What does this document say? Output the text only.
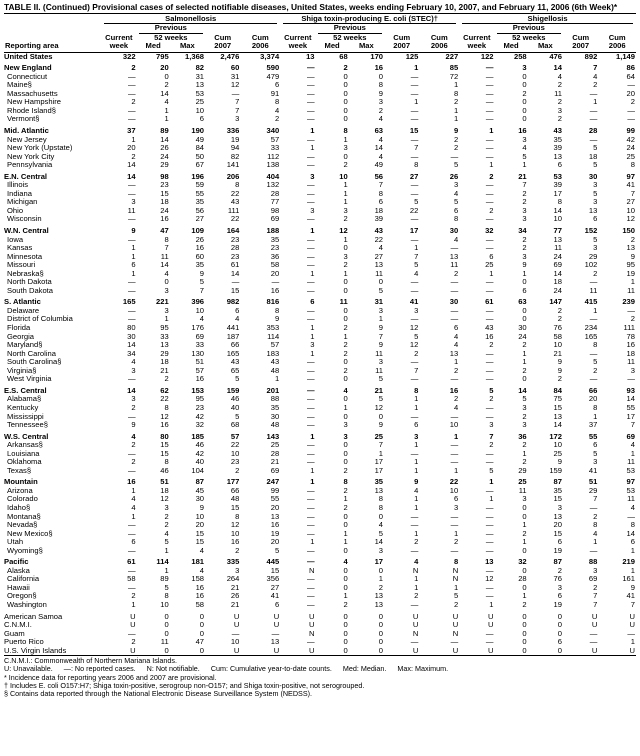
TABLE II. (Continued) Provisional cases of selected notifiable diseases, United States, weeks ending February 10, 2007, and February 11, 2006 (6th Week)*

	Salmonellosis					Shiga toxin-producing E. coli (STEC)†					Shigellosis				

		Previous					Previous					Previous			

	Current	52 weeks		Cum	Cum	Current	52 weeks		Cum	Cum	Current	52 weeks		Cum	Cum
Reporting area	week	Med	Max	2007	2006	week	Med	Max	2007	2006	week	Med	Max	2007	2006
United States	322	795	1,368	2,476	3,374	13	68	170	125	227	122	258	476	892	1,149
New England	2	20	82	60	590	—	2	16	1	85	—	3	14	7	86
Connecticut	—	0	31	31	479	—	0	0	—	72	—	0	4	4	64
Maine§	—	2	13	12	6	—	0	8	—	1	—	0	2	2	—
Massachusetts	—	14	53	—	91	—	0	9	—	8	—	2	11	—	20
New Hampshire	2	4	25	7	8	—	0	3	1	2	—	0	2	1	2
Rhode Island§	—	1	10	7	4	—	0	2	—	1	—	0	3	—	—
Vermont§	—	1	6	3	2	—	0	4	—	1	—	0	2	—	—
Mid. Atlantic	37	89	190	336	340	1	8	63	15	9	1	16	43	28	99
New Jersey	1	14	49	19	57	—	1	4	—	2	—	3	35	—	42
New York (Upstate)	20	26	84	94	33	1	3	14	7	2	—	4	39	5	24
New York City	2	24	50	82	112	—	0	4	—	—	—	5	13	18	25
Pennsylvania	14	29	67	141	138	—	2	49	8	5	1	1	6	5	8
E.N. Central	14	98	196	206	404	3	10	56	27	26	2	21	53	30	97
Illinois	—	23	59	8	132	—	1	7	—	3	—	7	39	3	41
Indiana	—	15	55	22	28	—	1	8	—	4	—	2	17	5	7
Michigan	3	18	35	43	77	—	1	6	5	5	—	2	8	3	27
Ohio	11	24	56	111	98	3	3	18	22	6	2	3	14	13	10
Wisconsin	—	16	27	22	69	—	2	39	—	8	—	3	10	6	12
W.N. Central	9	47	109	164	188	1	12	43	17	30	32	34	77	152	150
Iowa	—	8	26	23	35	—	1	22	—	4	—	2	13	5	2
Kansas	1	7	16	28	23	—	0	4	1	—	—	2	11	3	13
Minnesota	1	11	60	23	36	—	3	27	7	13	6	3	24	29	9
Missouri	6	14	35	61	58	—	2	13	5	11	25	9	69	102	95
Nebraska§	1	4	9	14	20	1	1	11	4	2	1	1	14	2	19
North Dakota	—	0	5	—	—	—	0	0	—	—	—	0	18	—	1
South Dakota	—	3	7	15	16	—	0	5	—	—	—	6	24	11	11
S. Atlantic	165	221	396	982	816	6	11	31	41	30	61	63	147	415	239
Delaware	—	3	10	6	8	—	0	3	3	—	—	0	2	1	—
District of Columbia	—	1	4	4	9	—	0	1	—	—	—	0	2	—	2
Florida	80	95	176	441	353	1	2	9	12	6	43	30	76	234	111
Georgia	30	33	69	187	114	1	1	7	5	4	16	24	58	165	78
Maryland§	14	13	33	66	57	3	2	9	12	4	2	2	10	8	16
North Carolina	34	29	130	165	183	1	2	11	2	13	—	1	21	—	18
South Carolina§	4	18	51	43	43	—	0	3	—	1	—	1	9	5	11
Virginia§	3	21	57	65	48	—	2	11	7	2	—	2	9	2	3
West Virginia	—	2	16	5	1	—	0	5	—	—	—	0	2	—	—
E.S. Central	14	62	153	159	201	—	4	21	8	16	5	14	84	66	93
Alabama§	3	22	95	46	88	—	0	5	1	2	2	5	75	20	14
Kentucky	2	8	23	40	35	—	1	12	1	4	—	3	15	8	55
Mississippi	—	12	42	5	30	—	0	0	—	—	—	2	13	1	17
Tennessee§	9	16	32	68	48	—	3	9	6	10	3	3	14	37	7
W.S. Central	4	80	185	57	143	1	3	25	3	1	7	36	172	55	69
Arkansas§	2	15	46	22	25	—	0	7	1	—	2	2	10	6	4
Louisiana	—	15	42	10	28	—	0	1	—	—	—	1	25	5	1
Oklahoma	2	8	40	23	21	—	0	17	1	—	—	2	9	3	11
Texas§	—	46	104	2	69	1	2	17	1	1	5	29	159	41	53
Mountain	16	51	87	177	247	1	8	35	9	22	1	25	87	51	97
Arizona	1	18	45	66	99	—	2	13	4	10	—	11	35	29	53
Colorado	4	12	30	48	55	—	1	8	1	6	1	3	15	7	11
Idaho§	4	3	9	15	20	—	2	8	1	3	—	0	3	—	4
Montana§	1	2	10	8	13	—	0	0	—	—	—	0	13	2	—
Nevada§	—	2	20	12	16	—	0	4	—	—	—	1	20	8	8
New Mexico§	—	4	15	10	19	—	1	5	1	1	—	2	15	4	14
Utah	6	5	15	16	20	1	1	14	2	2	—	1	6	1	6
Wyoming§	—	1	4	2	5	—	0	3	—	—	—	0	19	—	1
Pacific	61	114	181	335	445	—	4	17	4	8	13	32	87	88	219
Alaska	—	1	4	3	15	N	0	0	N	N	—	0	2	3	1
California	58	89	158	264	356	—	0	1	1	N	12	28	76	69	161
Hawaii	—	5	16	21	27	—	0	2	1	1	—	0	3	2	9
Oregon§	2	8	16	26	41	—	1	13	2	5	—	1	6	7	41
Washington	1	10	58	21	6	—	2	13	—	2	1	2	19	7	7
American Samoa	U	0	0	U	U	U	0	0	U	U	U	0	0	U	U
C.N.M.I.	U	0	0	U	U	U	0	0	U	U	U	0	0	U	U
Guam	—	0	0	—	—	N	0	0	N	N	—	0	0	—	—
Puerto Rico	2	11	47	10	13	—	0	0	—	—	—	0	6	—	1
U.S. Virgin Islands	U	0	0	U	U	U	0	0	U	U	U	0	0	U	U
C.N.M.I.: Commonwealth of Northern Mariana Islands.
U: Unavailable. —: No reported cases. N: Not notifiable. Cum: Cumulative year-to-date counts. Med: Median. Max: Maximum.
* Incidence data for reporting years 2006 and 2007 are provisional.
† Includes E. coli O157:H7; Shiga toxin-positive, serogroup non-O157; and Shiga toxin-positive, not serogrouped.
§ Contains data reported through the National Electronic Disease Surveillance System (NEDSS).
